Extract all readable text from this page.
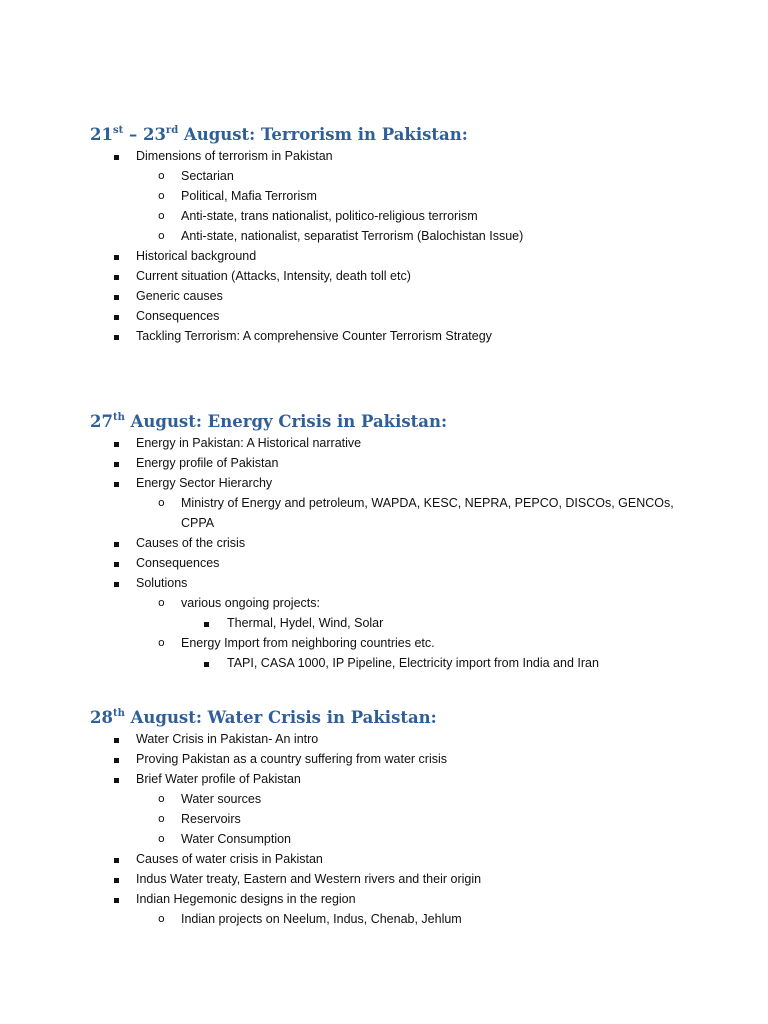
21st – 23rd August: Terrorism in Pakistan:
Dimensions of terrorism in Pakistan
o Sectarian
o Political, Mafia Terrorism
o Anti-state, trans nationalist, politico-religious terrorism
o Anti-state, nationalist, separatist Terrorism (Balochistan Issue)
Historical background
Current situation (Attacks, Intensity, death toll etc)
Generic causes
Consequences
Tackling Terrorism: A comprehensive Counter Terrorism Strategy
27th August: Energy Crisis in Pakistan:
Energy in Pakistan: A Historical narrative
Energy profile of Pakistan
Energy Sector Hierarchy
o Ministry of Energy and petroleum, WAPDA, KESC, NEPRA, PEPCO, DISCOs, GENCOs,
CPPA
Causes of the crisis
Consequences
Solutions
o various ongoing projects:
Thermal, Hydel, Wind, Solar
o Energy Import from neighboring countries etc.
TAPI, CASA 1000, IP Pipeline, Electricity import from India and Iran
28th August: Water Crisis in Pakistan:
Water Crisis in Pakistan- An intro
Proving Pakistan as a country suffering from water crisis
Brief Water profile of Pakistan
o Water sources
o Reservoirs
o Water Consumption
Causes of water crisis in Pakistan
Indus Water treaty, Eastern and Western rivers and their origin
Indian Hegemonic designs in the region
o Indian projects on Neelum, Indus, Chenab, Jehlum
